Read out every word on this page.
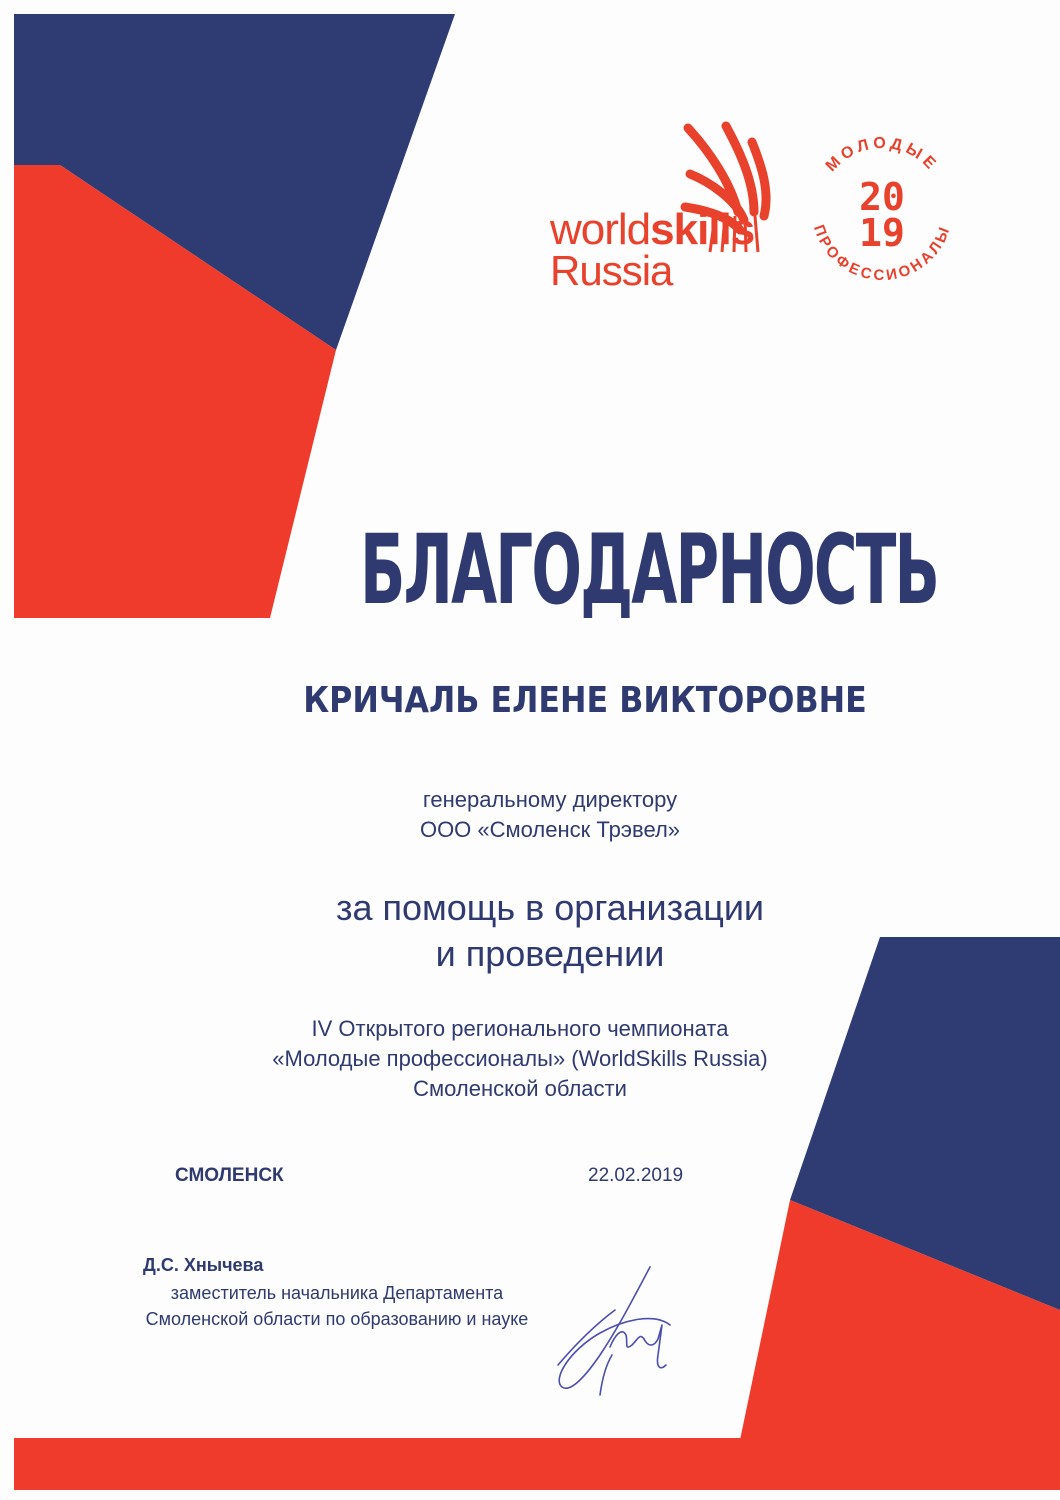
worldskills
Russia
МОЛОДЫЕ
ПРОФЕССИОНАЛЫ
20
19
БЛАГОДАРНОСТЬ
КРИЧАЛЬ ЕЛЕНЕ ВИКТОРОВНЕ
генеральному директору
ООО «Смоленск Трэвел»
за помощь в организации
и проведении
IV Открытого регионального чемпионата
«Молодые профессионалы» (WorldSkills Russia)
Смоленской области
СМОЛЕНСК	22.02.2019
Д.С. Хнычева
заместитель начальника Департамента
Смоленской области по образованию и науке
